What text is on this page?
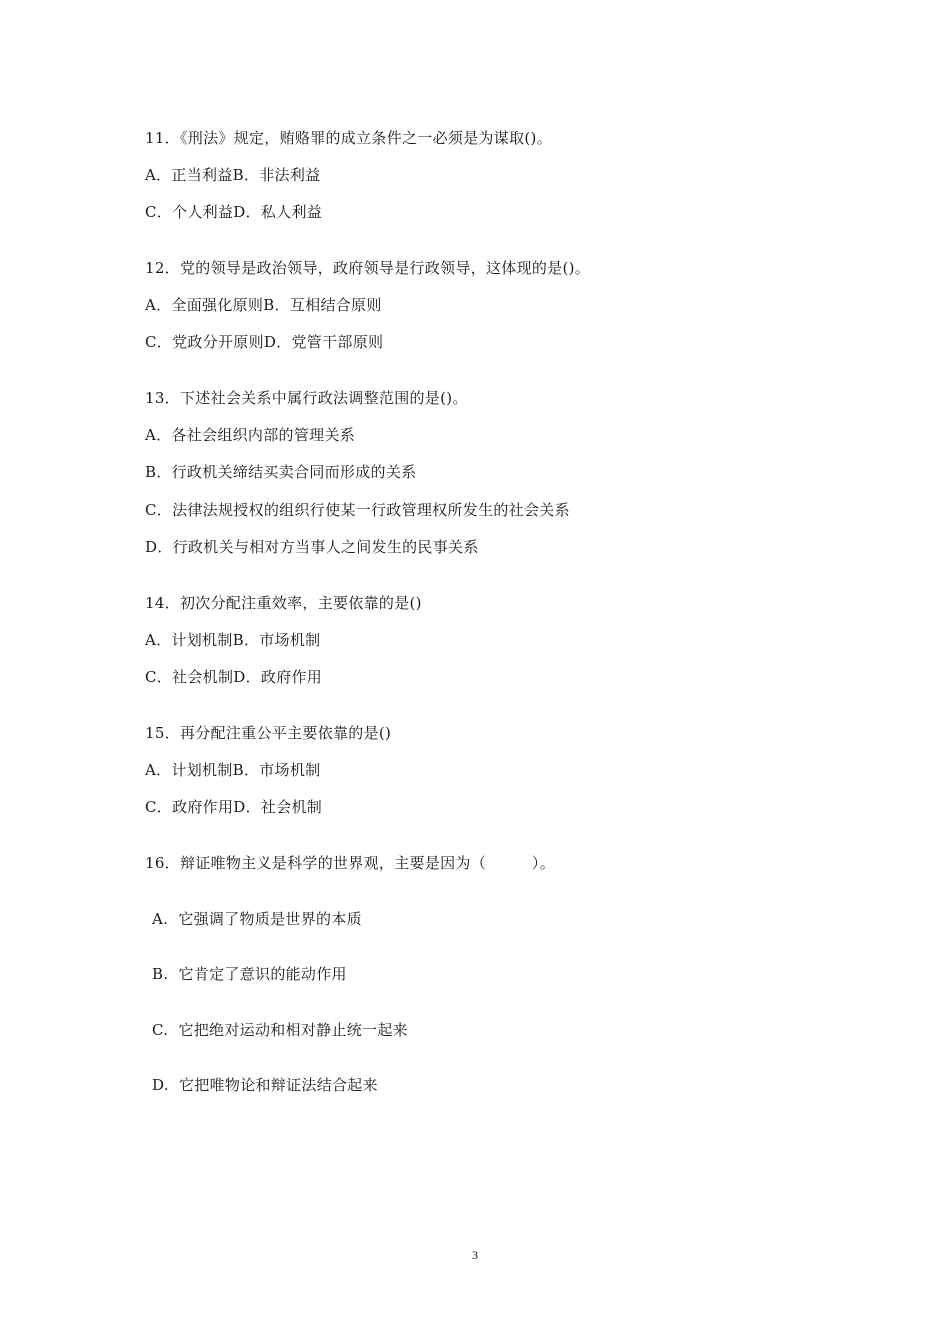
11．《刑法》规定，贿赂罪的成立条件之一必须是为谋取()。
A．正当利益B．非法利益
C．个人利益D．私人利益
12．党的领导是政治领导，政府领导是行政领导，这体现的是()。
A．全面强化原则B．互相结合原则
C．党政分开原则D．党管干部原则
13．下述社会关系中属行政法调整范围的是()。
A．各社会组织内部的管理关系
B．行政机关缔结买卖合同而形成的关系
C．法律法规授权的组织行使某一行政管理权所发生的社会关系
D．行政机关与相对方当事人之间发生的民事关系
14．初次分配注重效率，主要依靠的是()
A．计划机制B．市场机制
C．社会机制D．政府作用
15．再分配注重公平主要依靠的是()
A．计划机制B．市场机制
C．政府作用D．社会机制
16．辩证唯物主义是科学的世界观，主要是因为（　　　）。
A.  它强调了物质是世界的本质
B.  它肯定了意识的能动作用
C.  它把绝对运动和相对静止统一起来
D.  它把唯物论和辩证法结合起来
3
